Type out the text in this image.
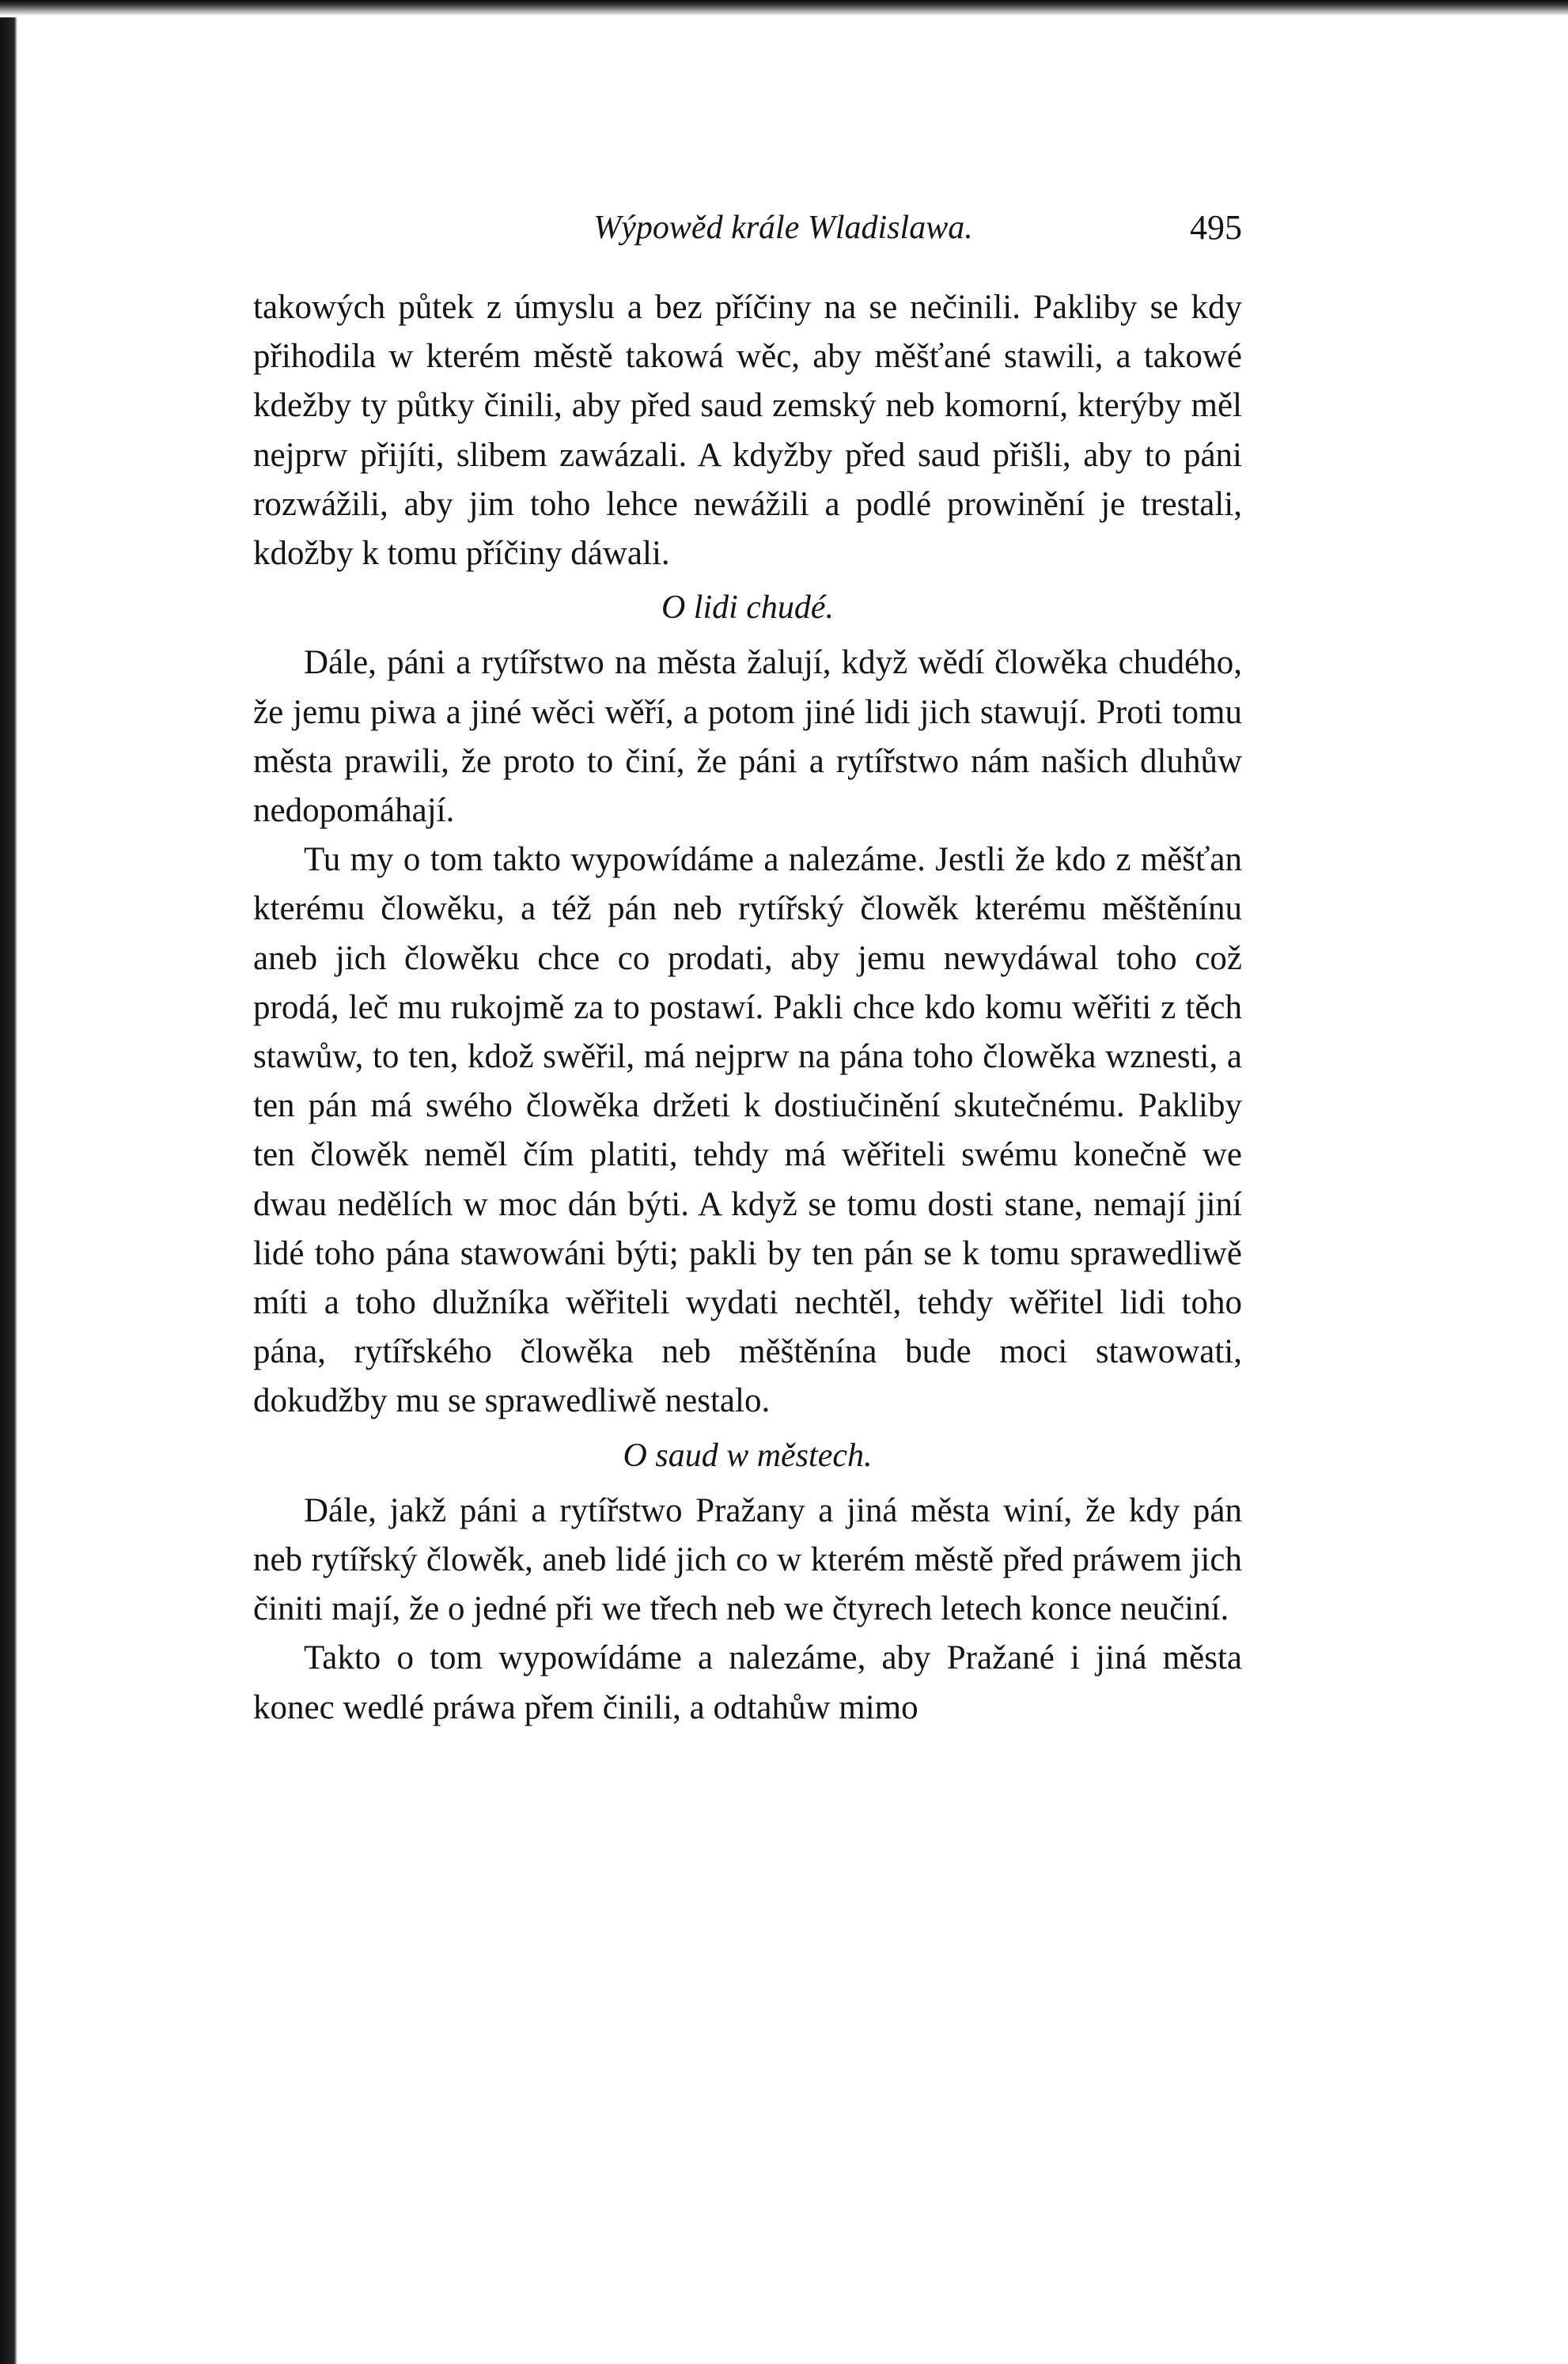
Wýpowěd krále Wladislawa.	495

takowých půtek z úmyslu a bez příčiny na se nečinili. Pakliby se kdy přihodila w kterém městě takowá wěc, aby měšťané stawili, a takowé kdežby ty půtky činili, aby před saud zemský neb komorní, kterýby měl nejprw přijíti, slibem zawázali. A kdyžby před saud přišli, aby to páni rozwážili, aby jim toho lehce newážili a podlé prowinění je trestali, kdožby k tomu příčiny dáwali.

O lidi chudé.

Dále, páni a rytířstwo na města žalují, když wědí člowěka chudého, že jemu piwa a jiné wěci wěří, a potom jiné lidi jich stawují. Proti tomu města prawili, že proto to činí, že páni a rytířstwo nám našich dluhůw nedopomáhají.

Tu my o tom takto wypowídáme a nalezáme. Jestli že kdo z měšťan kterému člowěku, a též pán neb rytířský člowěk kterému měštěnínu aneb jich člowěku chce co prodati, aby jemu newydáwal toho což prodá, leč mu rukojmě za to postawí. Pakli chce kdo komu wěřiti z těch stawůw, to ten, kdož swěřil, má nejprw na pána toho člowěka wznesti, a ten pán má swého člowěka držeti k dostiučinění skutečnému. Pakliby ten člowěk neměl čím platiti, tehdy má wěřiteli swému konečně we dwau nedělích w moc dán býti. A když se tomu dosti stane, nemají jiní lidé toho pána stawowáni býti; pakli by ten pán se k tomu sprawedliwě míti a toho dlužníka wěřiteli wydati nechtěl, tehdy wěřitel lidi toho pána, rytířského člowěka neb měštěnína bude moci stawowati, dokudžby mu se sprawedliwě nestalo.

O saud w městech.

Dále, jakž páni a rytířstwo Pražany a jiná města winí, že kdy pán neb rytířský člowěk, aneb lidé jich co w kterém městě před práwem jich činiti mají, že o jedné při we třech neb we čtyrech letech konce neučiní.

Takto o tom wypowídáme a nalezáme, aby Pražané i jiná města konec wedlé práwa přem činili, a odtahůw mimo
